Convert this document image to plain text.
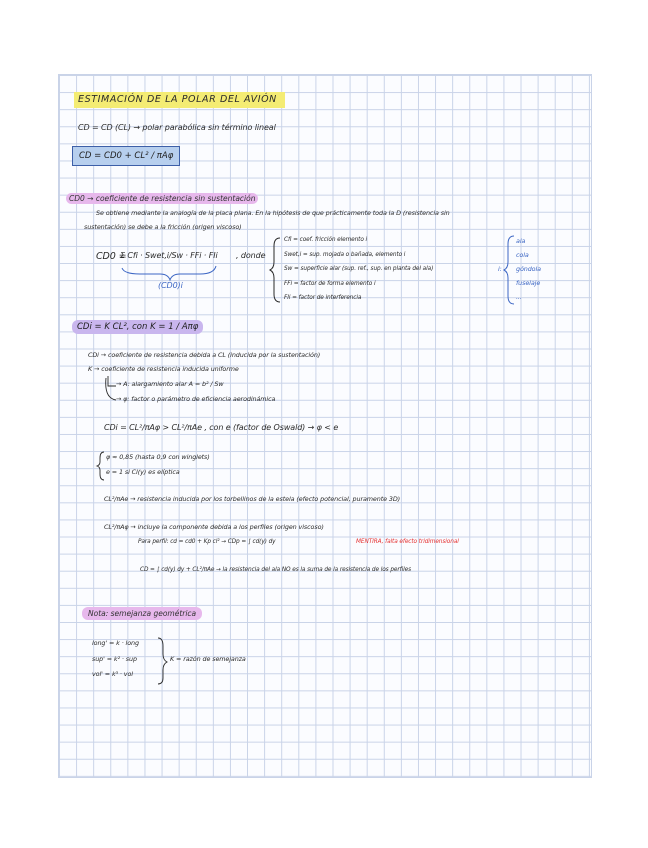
ESTIMACIÓN DE LA POLAR DEL AVIÓN
CD = CD (CL) → polar parabólica sin término lineal
CD = CD0 + CL² / πAφ
CD0 → coeficiente de resistencia sin sustentación
Se obtiene mediante la analogía de la placa plana. En la hipótesis de que prácticamente toda la D (resistencia sin
sustentación) se debe a la fricción (origen viscoso)
CD0 =
Σ Cfi · Swet,i/Sw · FFi · FIi
(CD0)i
, donde
Cfi = coef. fricción elemento i
Swet,i = sup. mojada o bañada, elemento i
Sw = superficie alar (sup. ref., sup. en planta del ala)
FFi = factor de forma elemento i
FIi = factor de interferencia
i:
ala
cola
góndola
fuselaje
...
CDi = K CL², con K = 1 / Aπφ
CDi → coeficiente de resistencia debida a CL (inducida por la sustentación)
K → coeficiente de resistencia inducida uniforme
→ A: alargamiento alar A = b² / Sw
→ φ: factor o parámetro de eficiencia aerodinámica
CDi = CL²/πAφ > CL²/πAe , con e (factor de Oswald) → φ < e
φ ≈ 0,85 (hasta 0,9 con winglets)
e = 1 si Cl(y) es elíptica
CL²/πAe → resistencia inducida por los torbellinos de la estela (efecto potencial, puramente 3D)
CL²/πAφ → incluye la componente debida a los perfiles (origen viscoso)
Para perfil: cd = cd0 + Kp cl² → CDp = ∫ cd(y) dy	MENTIRA, falta efecto tridimensional
CD = ∫ cd(y) dy + CL²/πAe → la resistencia del ala NO es la suma de la resistencia de los perfiles
Nota: semejanza geométrica
long' = k · long
sup' = k² · sup
vol' = k³ · vol
K = razón de semejanza
